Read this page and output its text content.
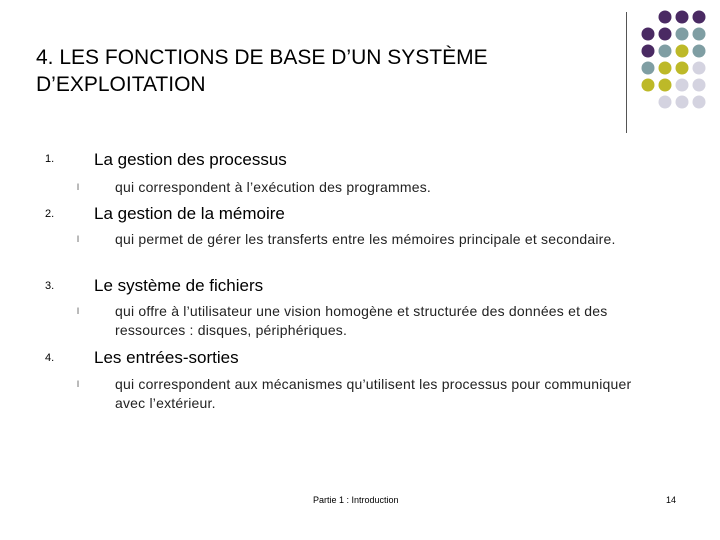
4. LES FONCTIONS DE BASE D’UN SYSTÈME
D’EXPLOITATION
1. La gestion des processus
l	qui correspondent à l’exécution des programmes.
2. La gestion de la mémoire
l	qui permet de gérer les transferts entre les mémoires principale et secondaire.
3. Le système de fichiers
l	qui offre à l’utilisateur une vision homogène et structurée des données et des ressources : disques, périphériques.
4. Les entrées-sorties
l	qui correspondent aux mécanismes qu’utilisent les processus pour communiquer avec l’extérieur.
Partie 1 : Introduction	14
